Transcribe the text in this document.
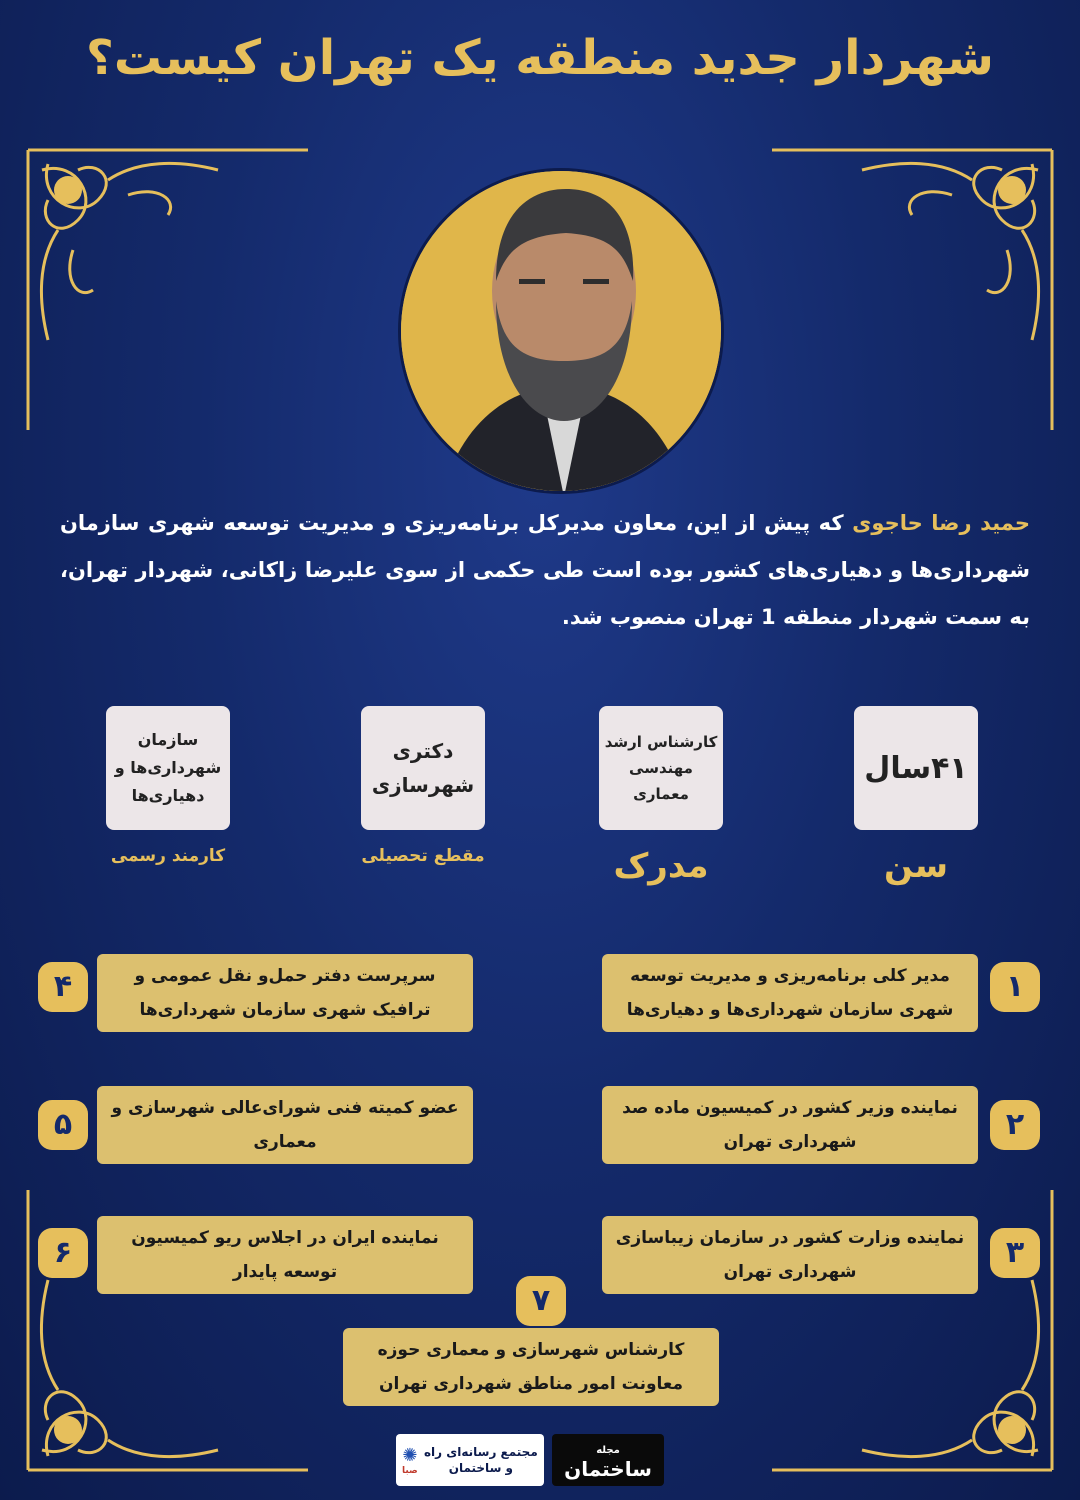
شهردار جدید منطقه یک تهران کیست؟
حمید رضا حاجوی که پیش از این، معاون مدیرکل برنامه‌ریزی و مدیریت توسعه شهری سازمان شهرداری‌ها و دهیاری‌های کشور بوده است طی حکمی از سوی علیرضا زاکانی، شهردار تهران، به سمت شهردار منطقه 1 تهران منصوب شد.
۴۱سال
سن
کارشناس ارشد مهندسی معماری
مدرک
دکتری شهرسازی
مقطع تحصیلی
سازمان شهرداری‌ها و دهیاری‌ها
کارمند رسمی
۱
مدیر کلی برنامه‌ریزی و مدیریت توسعه شهری سازمان شهرداری‌ها و دهیاری‌ها
۲
نماینده وزیر کشور در کمیسیون ماده صد شهرداری تهران
۳
نماینده وزارت کشور در سازمان زیباسازی شهرداری تهران
۴	سرپرست دفتر حمل‌و نقل عمومی و ترافیک شهری سازمان شهرداری‌ها
۵	عضو کمیته فنی شورای‌عالی شهرسازی و معماری
۶	نماینده ایران در اجلاس ریو کمیسیون توسعه پایدار
۷
کارشناس شهرسازی و معماری حوزه معاونت امور مناطق شهرداری تهران
مجتمع رسانه‌ای راه و ساختمان
✺
صبا
مجله
ساختمان
